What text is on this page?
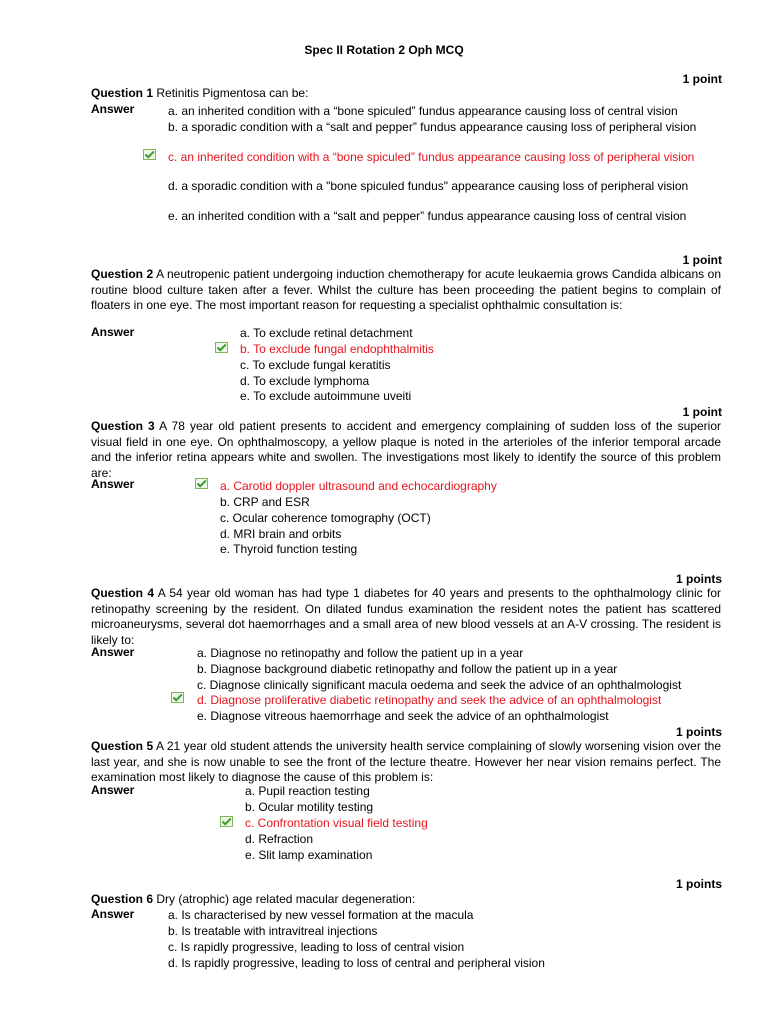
Spec II Rotation 2 Oph MCQ
1 point
Question 1 Retinitis Pigmentosa can be:
Answer	a. an inherited condition with a “bone spiculed” fundus appearance causing loss of central vision
b. a sporadic condition with a “salt and pepper” fundus appearance causing loss of peripheral vision
c. an inherited condition with a “bone spiculed” fundus appearance causing loss of peripheral vision
d. a sporadic condition with a "bone spiculed fundus" appearance causing loss of peripheral vision
e. an inherited condition with a “salt and pepper” fundus appearance causing loss of central vision
1 point
Question 2 A neutropenic patient undergoing induction chemotherapy for acute leukaemia grows Candida albicans on routine blood culture taken after a fever. Whilst the culture has been proceeding the patient begins to complain of floaters in one eye. The most important reason for requesting a specialist ophthalmic consultation is:
Answer	a. To exclude retinal detachment
b. To exclude fungal endophthalmitis
c. To exclude fungal keratitis
d. To exclude lymphoma
e. To exclude autoimmune uveiti
1 point
Question 3 A 78 year old patient presents to accident and emergency complaining of sudden loss of the superior visual field in one eye. On ophthalmoscopy, a yellow plaque is noted in the arterioles of the inferior temporal arcade and the inferior retina appears white and swollen. The investigations most likely to identify the source of this problem are:
Answer	a. Carotid doppler ultrasound and echocardiography
b. CRP and ESR
c. Ocular coherence tomography (OCT)
d. MRI brain and orbits
e. Thyroid function testing
1 points
Question 4 A 54 year old woman has had type 1 diabetes for 40 years and presents to the ophthalmology clinic for retinopathy screening by the resident. On dilated fundus examination the resident notes the patient has scattered microaneurysms, several dot haemorrhages and a small area of new blood vessels at an A-V crossing. The resident is likely to:
Answer	a. Diagnose no retinopathy and follow the patient up in a year
b. Diagnose background diabetic retinopathy and follow the patient up in a year
c. Diagnose clinically significant macula oedema and seek the advice of an ophthalmologist
d. Diagnose proliferative diabetic retinopathy and seek the advice of an ophthalmologist
e. Diagnose vitreous haemorrhage and seek the advice of an ophthalmologist
1 points
Question 5 A 21 year old student attends the university health service complaining of slowly worsening vision over the last year, and she is now unable to see the front of the lecture theatre. However her near vision remains perfect. The examination most likely to diagnose the cause of this problem is:
Answer	a. Pupil reaction testing
b. Ocular motility testing
c. Confrontation visual field testing
d. Refraction
e. Slit lamp examination
1 points
Question 6 Dry (atrophic) age related macular degeneration:
Answer	a. Is characterised by new vessel formation at the macula
b. Is treatable with intravitreal injections
c. Is rapidly progressive, leading to loss of central vision
d. Is rapidly progressive, leading to loss of central and peripheral vision
